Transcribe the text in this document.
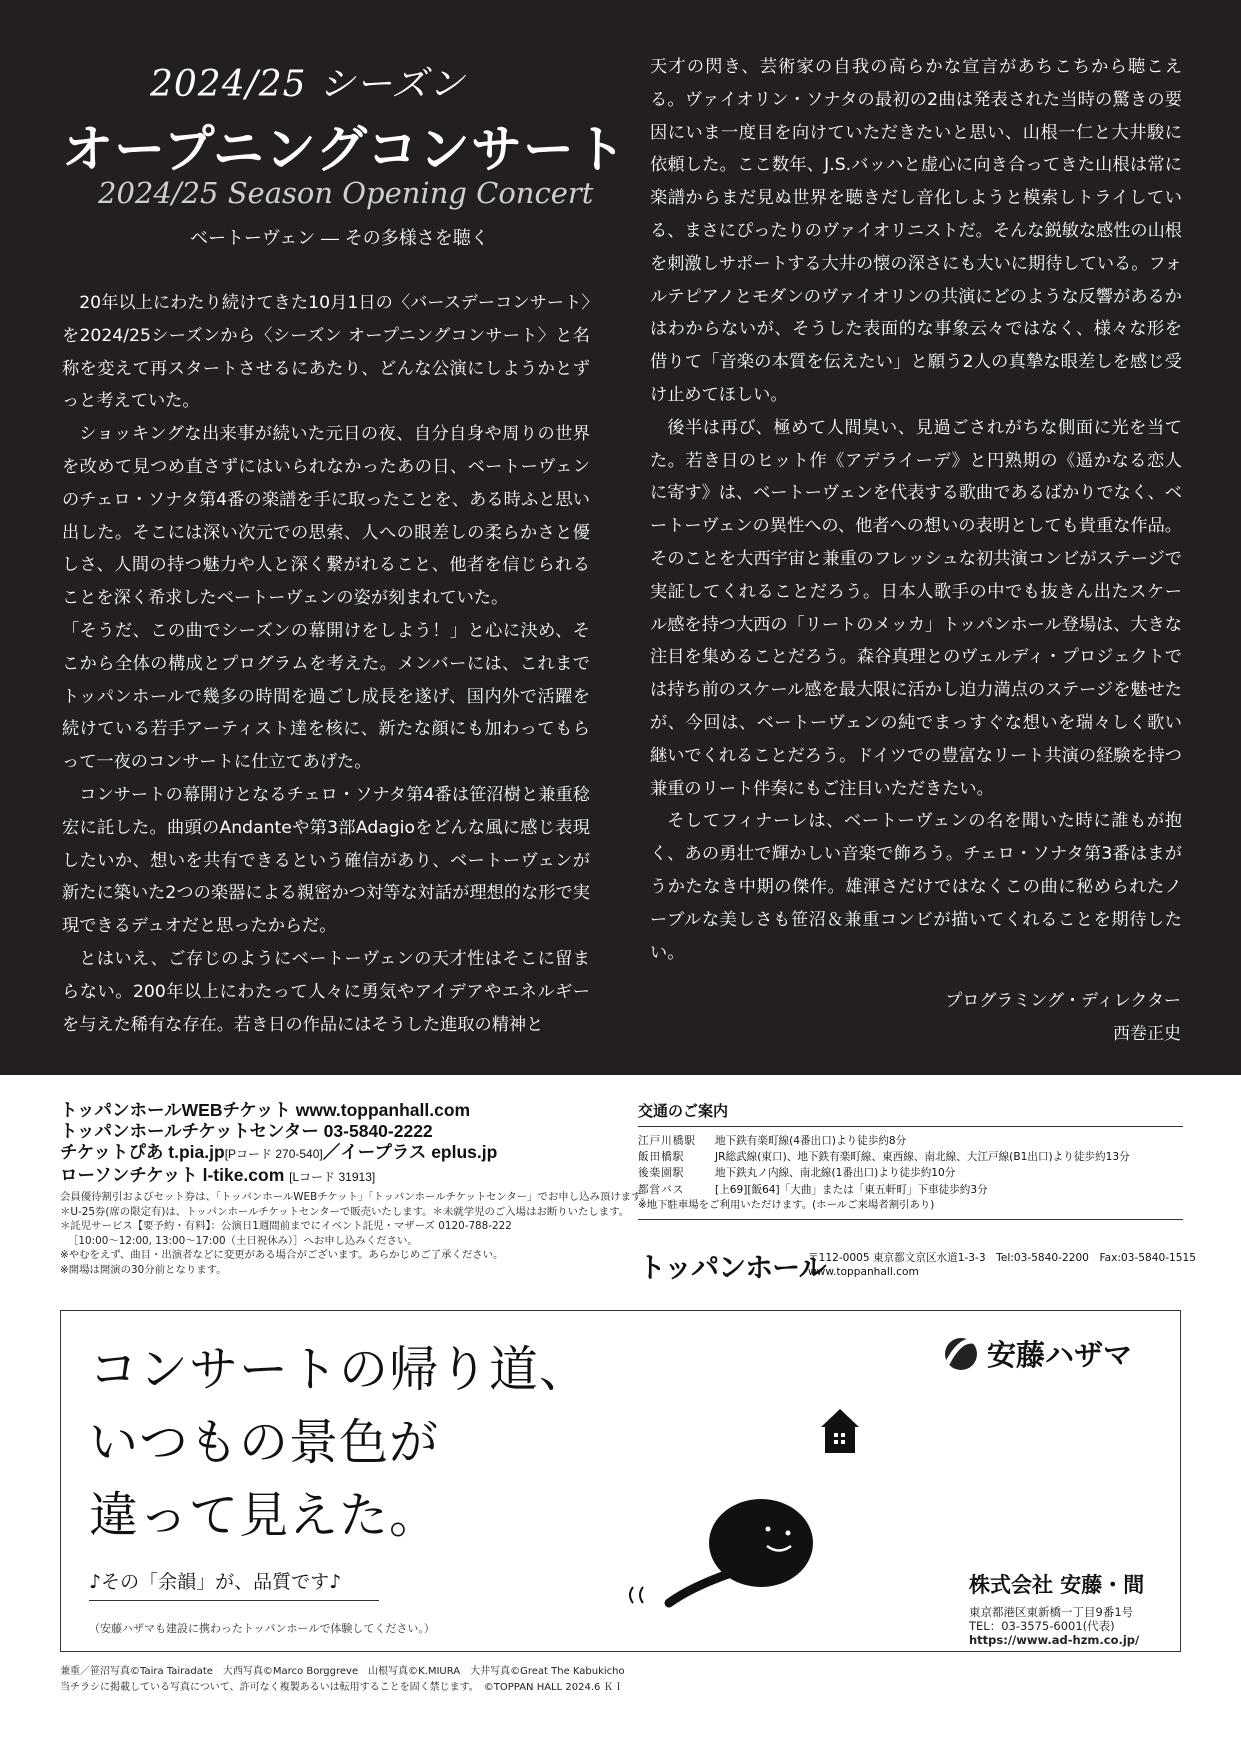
2024/25 シーズン
オープニングコンサート
2024/25 Season Opening Concert
ベートーヴェン ― その多様さを聴く

20年以上にわたり続けてきた10月1日の〈バースデーコンサート〉を2024/25シーズンから〈シーズン オープニングコンサート〉と名称を変えて再スタートさせるにあたり、どんな公演にしようかとずっと考えていた。

ショッキングな出来事が続いた元日の夜、自分自身や周りの世界を改めて見つめ直さずにはいられなかったあの日、ベートーヴェンのチェロ・ソナタ第4番の楽譜を手に取ったことを、ある時ふと思い出した。そこには深い次元での思索、人への眼差しの柔らかさと優しさ、人間の持つ魅力や人と深く繋がれること、他者を信じられることを深く希求したベートーヴェンの姿が刻まれていた。

「そうだ、この曲でシーズンの幕開けをしよう！」と心に決め、そこから全体の構成とプログラムを考えた。メンバーには、これまでトッパンホールで幾多の時間を過ごし成長を遂げ、国内外で活躍を続けている若手アーティスト達を核に、新たな顔にも加わってもらって一夜のコンサートに仕立てあげた。

コンサートの幕開けとなるチェロ・ソナタ第4番は笹沼樹と兼重稔宏に託した。曲頭のAndanteや第3部Adagioをどんな風に感じ表現したいか、想いを共有できるという確信があり、ベートーヴェンが新たに築いた2つの楽器による親密かつ対等な対話が理想的な形で実現できるデュオだと思ったからだ。

とはいえ、ご存じのようにベートーヴェンの天才性はそこに留まらない。200年以上にわたって人々に勇気やアイデアやエネルギーを与えた稀有な存在。若き日の作品にはそうした進取の精神と

天才の閃き、芸術家の自我の高らかな宣言があちこちから聴こえる。ヴァイオリン・ソナタの最初の2曲は発表された当時の驚きの要因にいま一度目を向けていただきたいと思い、山根一仁と大井駿に依頼した。ここ数年、J.S.バッハと虚心に向き合ってきた山根は常に楽譜からまだ見ぬ世界を聴きだし音化しようと模索しトライしている、まさにぴったりのヴァイオリニストだ。そんな鋭敏な感性の山根を刺激しサポートする大井の懐の深さにも大いに期待している。フォルテピアノとモダンのヴァイオリンの共演にどのような反響があるかはわからないが、そうした表面的な事象云々ではなく、様々な形を借りて「音楽の本質を伝えたい」と願う2人の真摯な眼差しを感じ受け止めてほしい。

後半は再び、極めて人間臭い、見過ごされがちな側面に光を当てた。若き日のヒット作《アデライーデ》と円熟期の《遥かなる恋人に寄す》は、ベートーヴェンを代表する歌曲であるばかりでなく、ベートーヴェンの異性への、他者への想いの表明としても貴重な作品。そのことを大西宇宙と兼重のフレッシュな初共演コンビがステージで実証してくれることだろう。日本人歌手の中でも抜きん出たスケール感を持つ大西の「リートのメッカ」トッパンホール登場は、大きな注目を集めることだろう。森谷真理とのヴェルディ・プロジェクトでは持ち前のスケール感を最大限に活かし迫力満点のステージを魅せたが、今回は、ベートーヴェンの純でまっすぐな想いを瑞々しく歌い継いでくれることだろう。ドイツでの豊富なリート共演の経験を持つ兼重のリート伴奏にもご注目いただきたい。

そしてフィナーレは、ベートーヴェンの名を聞いた時に誰もが抱く、あの勇壮で輝かしい音楽で飾ろう。チェロ・ソナタ第3番はまがうかたなき中期の傑作。雄渾さだけではなくこの曲に秘められたノーブルな美しさも笹沼＆兼重コンビが描いてくれることを期待したい。

プログラミング・ディレクター
西巻正史
トッパンホールWEBチケット www.toppanhall.com
トッパンホールチケットセンター 03-5840-2222
チケットぴあ t.pia.jp[Pコード 270-540]／イープラス eplus.jp
ローソンチケット l-tike.com [Lコード 31913]
会員優待割引およびセット券は、「トッパンホールWEBチケット」「トッパンホールチケットセンター」でお申し込み頂けます。
＊U-25券(席の限定有)は、トッパンホールチケットセンターで販売いたします。＊未就学児のご入場はお断りいたします。
＊託児サービス【要予約・有料】：公演日1週間前までにイベント託児・マザーズ 0120-788-222
［10:00～12:00, 13:00～17:00（土日祝休み）］へお申し込みください。
※やむをえず、曲目・出演者などに変更がある場合がございます。あらかじめご了承ください。
※開場は開演の30分前となります。
交通のご案内
江戸川橋駅	地下鉄有楽町線(4番出口)より徒歩約8分
飯田橋駅	JR総武線(東口)、地下鉄有楽町線、東西線、南北線、大江戸線(B1出口)より徒歩約13分
後楽園駅	地下鉄丸ノ内線、南北線(1番出口)より徒歩約10分
都営バス	[上69][飯64]「大曲」または「東五軒町」下車徒歩約3分
※地下駐車場をご利用いただけます。(ホールご来場者割引あり)
トッパンホール
〒112-0005 東京都文京区水道1-3-3　Tel:03-5840-2200　Fax:03-5840-1515
www.toppanhall.com
コンサートの帰り道、
いつもの景色が
違って見えた。
♪その「余韻」が、品質です♪
（安藤ハザマも建設に携わったトッパンホールで体験してください。）
安藤ハザマ
株式会社 安藤・間
東京都港区東新橋一丁目9番1号
TEL：03-3575-6001(代表)
https://www.ad-hzm.co.jp/
兼重／笹沼写真©Taira Tairadate　大西写真©Marco Borggreve　山根写真©K.MIURA　大井写真©Great The Kabukicho
当チラシに掲載している写真について、許可なく複製あるいは転用することを固く禁じます。　©TOPPAN HALL 2024.6 ＫＩ
